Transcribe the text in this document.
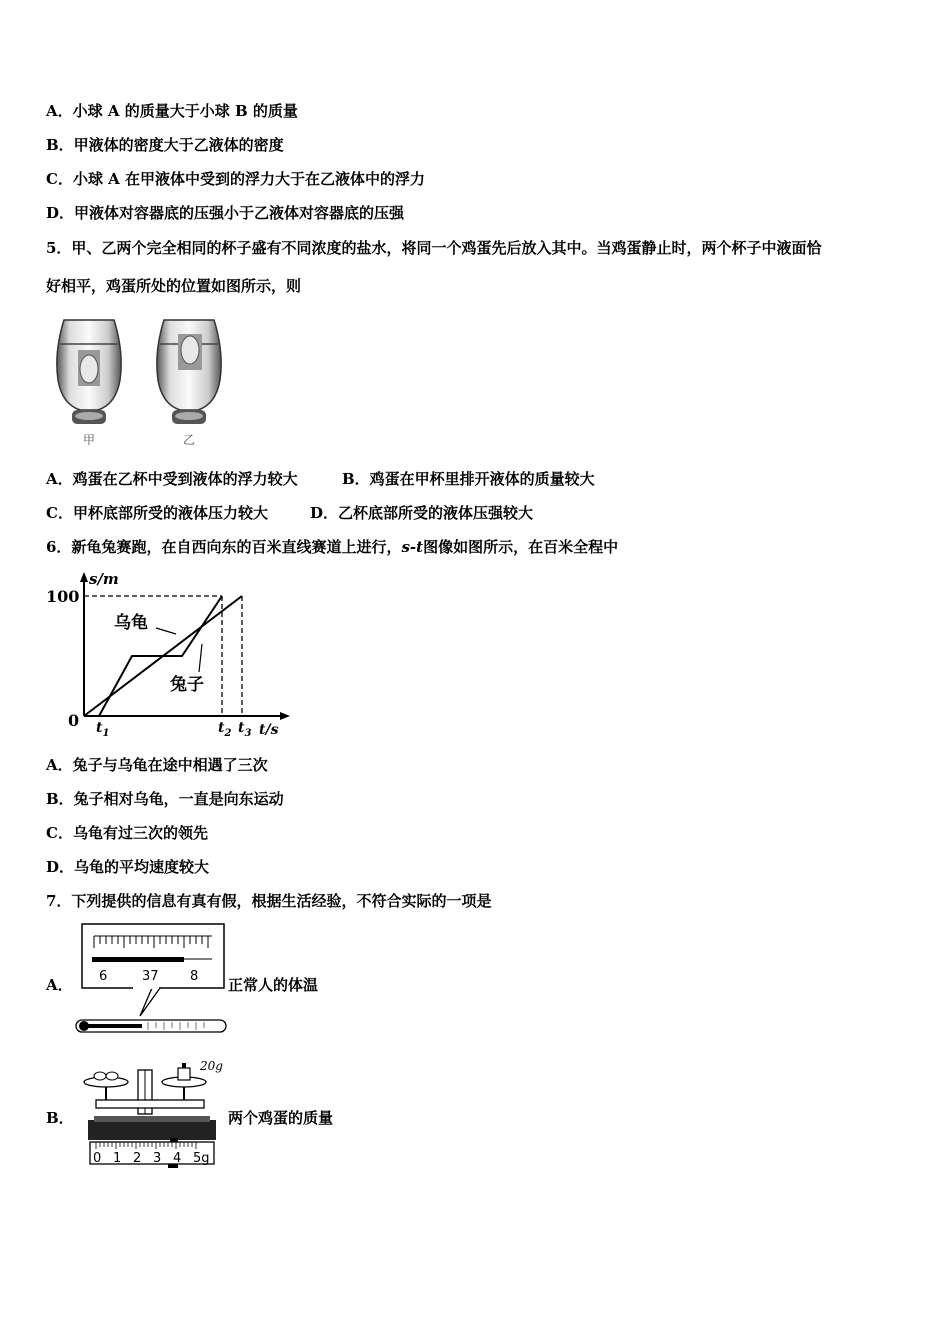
A．小球 A 的质量大于小球 B 的质量
B．甲液体的密度大于乙液体的密度
C．小球 A 在甲液体中受到的浮力大于在乙液体中的浮力
D．甲液体对容器底的压强小于乙液体对容器底的压强
5．甲、乙两个完全相同的杯子盛有不同浓度的盐水，将同一个鸡蛋先后放入其中。当鸡蛋静止时，两个杯子中液面恰
好相平，鸡蛋所处的位置如图所示，则
甲	乙
A．鸡蛋在乙杯中受到液体的浮力较大	B．鸡蛋在甲杯里排开液体的质量较大
C．甲杯底部所受的液体压力较大	D．乙杯底部所受的液体压强较大
6．新龟兔赛跑，在自西向东的百米直线赛道上进行，s-t图像如图所示，在百米全程中
s/m
100
0	t/s
乌龟
兔子
$t_1$	$t_2$ $t_3$
A．兔子与乌龟在途中相遇了三次
B．兔子相对乌龟，一直是向东运动
C．乌龟有过三次的领先
D．乌龟的平均速度较大
7．下列提供的信息有真有假，根据生活经验，不符合实际的一项是
A． 6	37 8 正常人的体温
B．
20g
0 1 2 3 4 5g
两个鸡蛋的质量
